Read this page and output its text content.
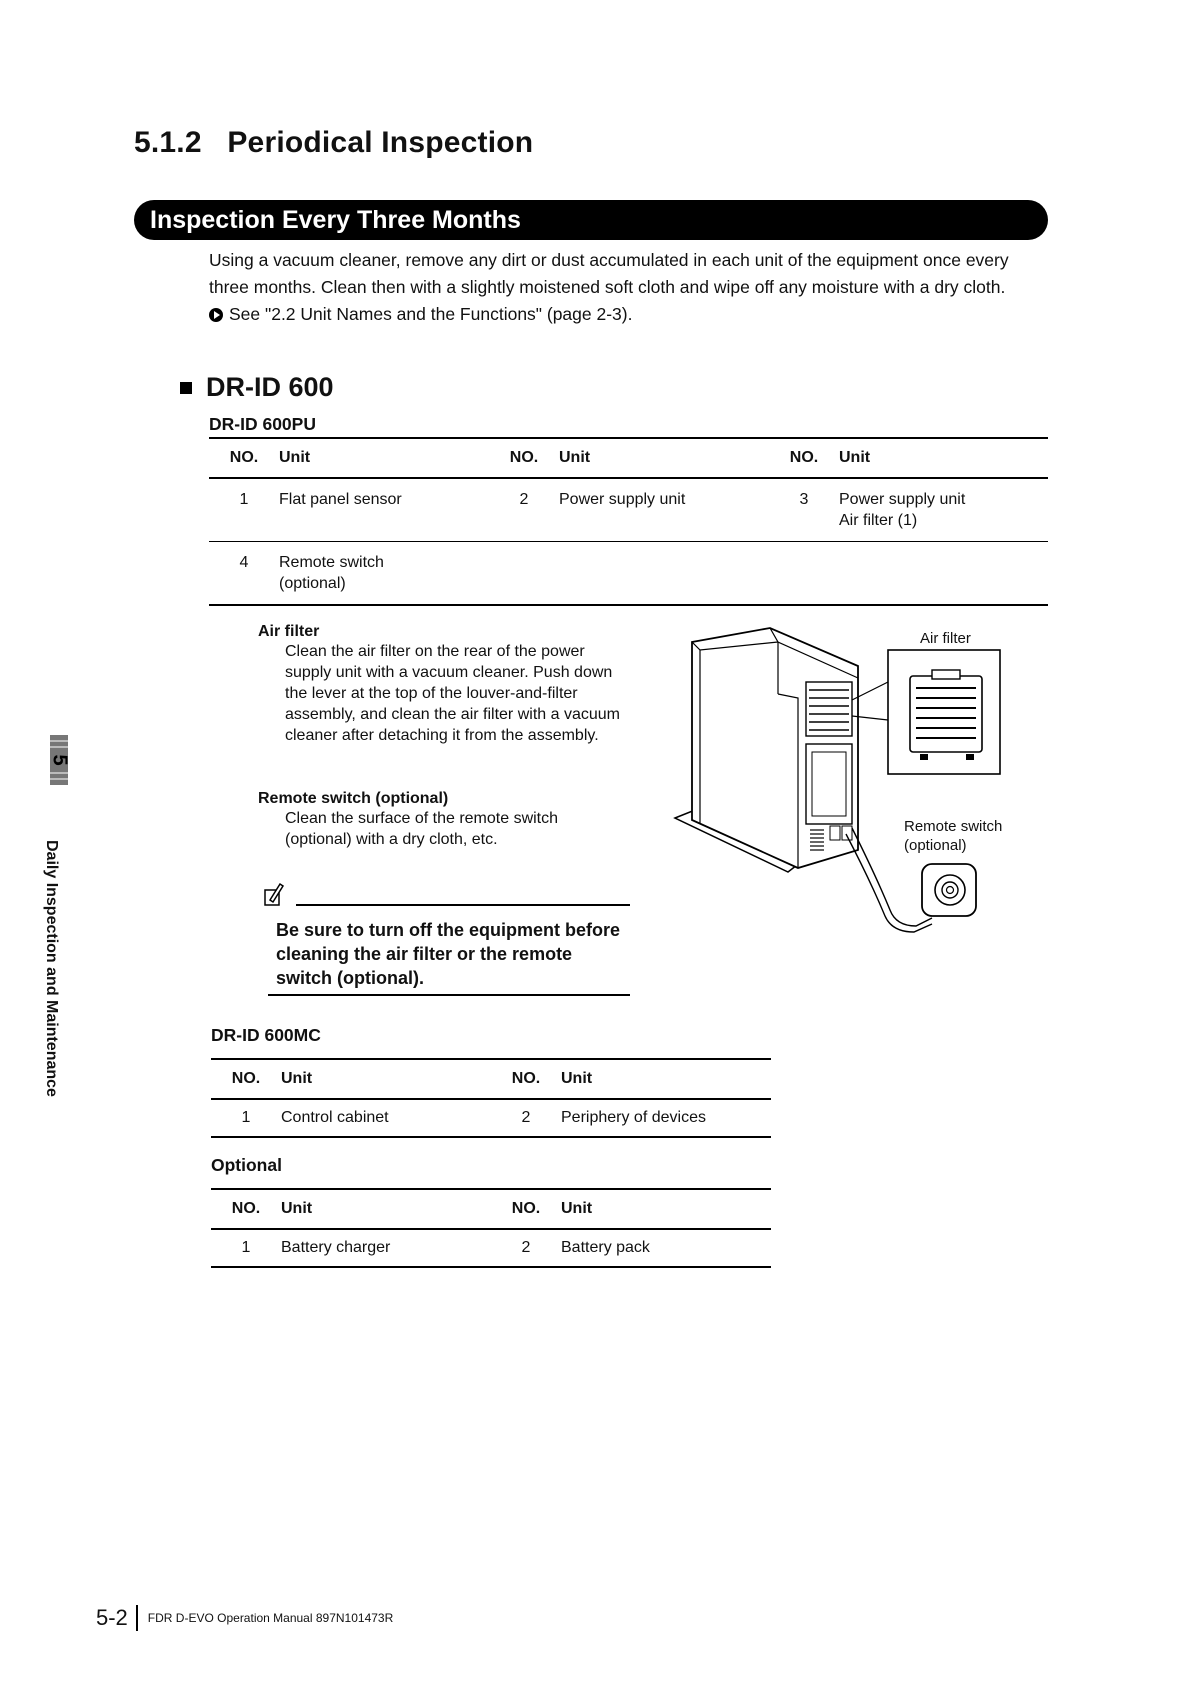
5.1.2 Periodical Inspection
Inspection Every Three Months

Using a vacuum cleaner, remove any dirt or dust accumulated in each unit of the equipment once every three months. Clean then with a slightly moistened soft cloth and wipe off any moisture with a dry cloth.

See "2.2 Unit Names and the Functions" (page 2-3).

DR-ID 600
DR-ID 600PU
NO.	Unit	NO.	Unit	NO.	Unit
1	Flat panel sensor	2	Power supply unit	3	Power supply unit
Air filter (1)

4	Remote switch
(optional)				

Air filter
Clean the air filter on the rear of the power supply unit with a vacuum cleaner. Push down the lever at the top of the louver-and-filter assembly, and clean the air filter with a vacuum cleaner after detaching it from the assembly.
Remote switch (optional)
Clean the surface of the remote switch (optional) with a dry cloth, etc.
Be sure to turn off the equipment before cleaning the air filter or the remote switch (optional).
Air filter
Remote switch
(optional)
DR-ID 600MC
NO.	Unit	NO.	Unit
1	Control cabinet	2	Periphery of devices
Optional
NO.	Unit	NO.	Unit
1	Battery charger	2	Battery pack
5
Daily Inspection and Maintenance
5-2 FDR D-EVO Operation Manual 897N101473R
